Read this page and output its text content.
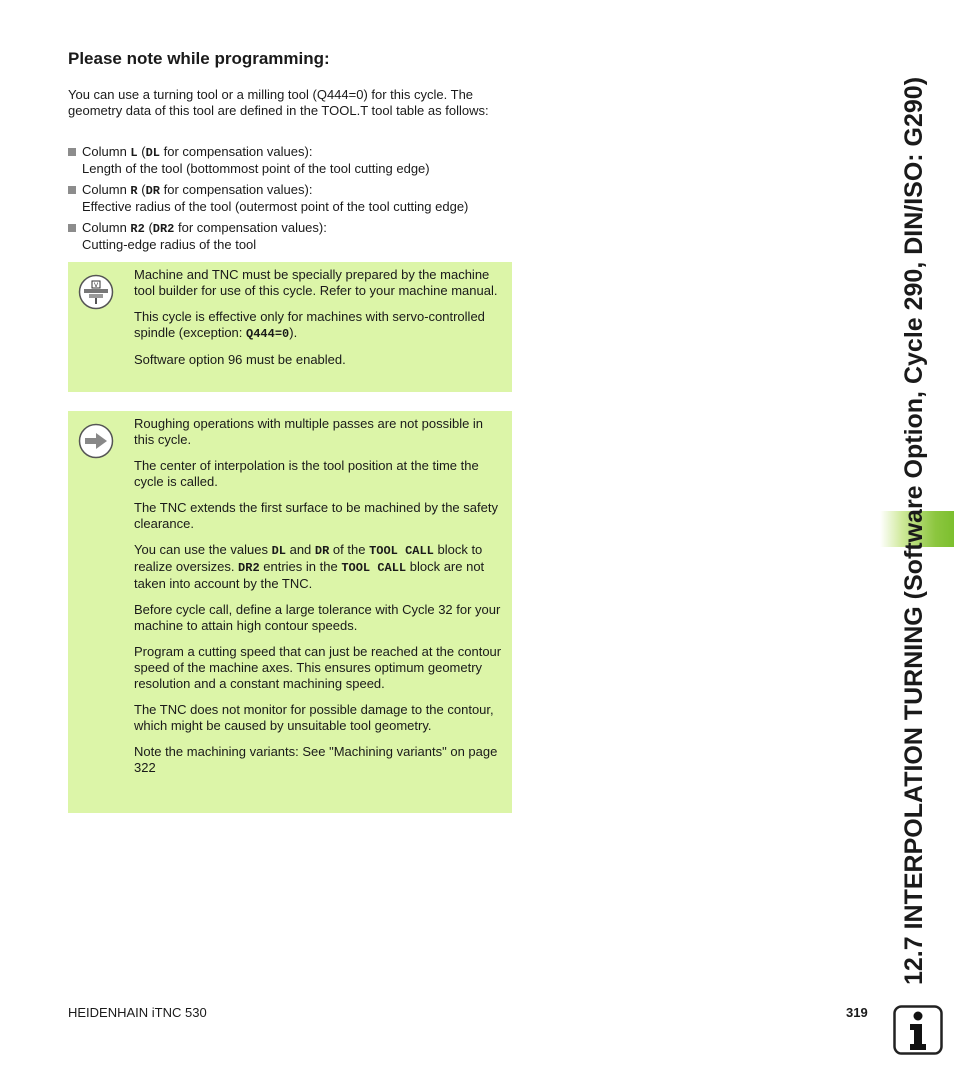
Please note while programming:

You can use a turning tool or a milling tool (Q444=0) for this cycle. The geometry data of this tool are defined in the TOOL.T tool table as follows:

Column L (DL for compensation values):
Length of the tool (bottommost point of the tool cutting edge)
Column R (DR for compensation values):
Effective radius of the tool (outermost point of the tool cutting edge)
Column R2 (DR2 for compensation values):
Cutting-edge radius of the tool
V

Machine and TNC must be specially prepared by the machine tool builder for use of this cycle. Refer to your machine manual.

This cycle is effective only for machines with servo-controlled spindle (exception: Q444=0).

Software option 96 must be enabled.

Roughing operations with multiple passes are not possible in this cycle.

The center of interpolation is the tool position at the time the cycle is called.

The TNC extends the first surface to be machined by the safety clearance.

You can use the values DL and DR of the TOOL CALL block to realize oversizes. DR2 entries in the TOOL CALL block are not taken into account by the TNC.

Before cycle call, define a large tolerance with Cycle 32 for your machine to attain high contour speeds.

Program a cutting speed that can just be reached at the contour speed of the machine axes. This ensures optimum geometry resolution and a constant machining speed.

The TNC does not monitor for possible damage to the contour, which might be caused by unsuitable tool geometry.

Note the machining variants: See "Machining variants" on page 322	12.7 INTERPOLATION TURNING (Software Option, Cycle 290, DIN/ISO: G290)
HEIDENHAIN iTNC 530	319
